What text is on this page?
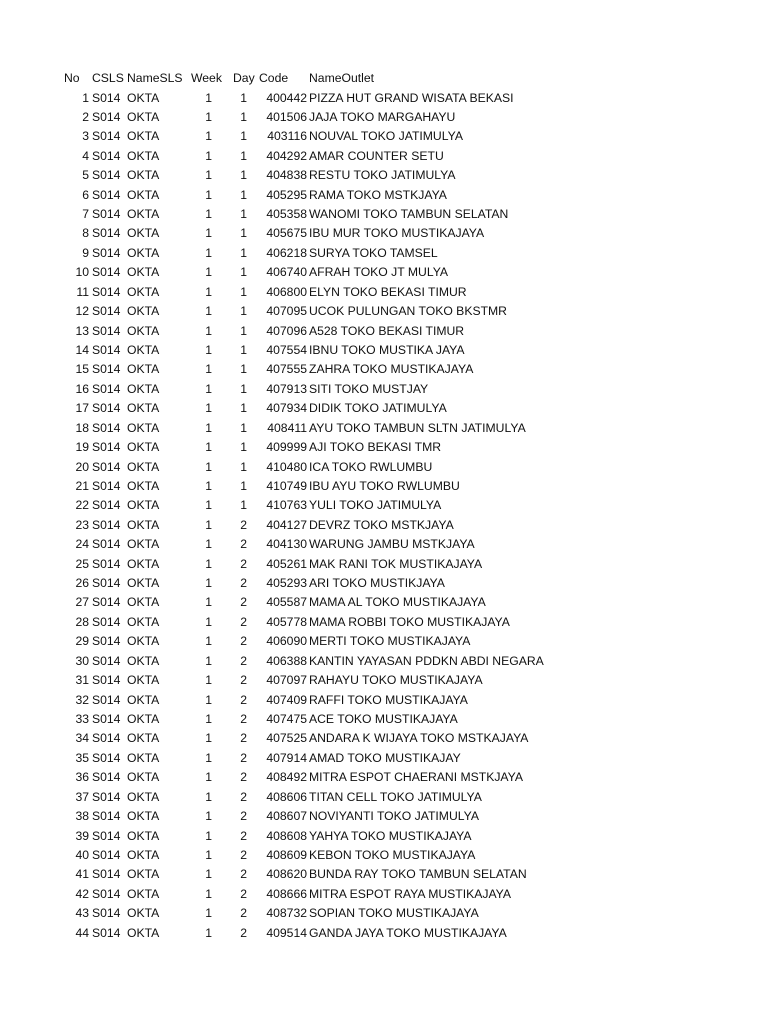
No CSLS NameSLS Week Day Code NameOutlet
1 S014 OKTA	1	1	400442 PIZZA HUT GRAND WISATA BEKASI
2 S014 OKTA	1	1	401506 JAJA TOKO MARGAHAYU
3 S014 OKTA	1	1	403116 NOUVAL TOKO JATIMULYA
4 S014 OKTA	1	1	404292 AMAR COUNTER SETU
5 S014 OKTA	1	1	404838 RESTU TOKO JATIMULYA
6 S014 OKTA	1	1	405295 RAMA TOKO MSTKJAYA
7 S014 OKTA	1	1	405358 WANOMI TOKO TAMBUN SELATAN
8 S014 OKTA	1	1	405675 IBU MUR TOKO MUSTIKAJAYA
9 S014 OKTA	1	1	406218 SURYA TOKO TAMSEL
10 S014 OKTA	1	1	406740 AFRAH TOKO JT MULYA
11 S014 OKTA	1	1	406800 ELYN TOKO BEKASI TIMUR
12 S014 OKTA	1	1	407095 UCOK PULUNGAN TOKO BKSTMR
13 S014 OKTA	1	1	407096 A528 TOKO BEKASI TIMUR
14 S014 OKTA	1	1	407554 IBNU TOKO MUSTIKA JAYA
15 S014 OKTA	1	1	407555 ZAHRA TOKO MUSTIKAJAYA
16 S014 OKTA	1	1	407913 SITI TOKO MUSTJAY
17 S014 OKTA	1	1	407934 DIDIK TOKO JATIMULYA
18 S014 OKTA	1	1	408411 AYU TOKO TAMBUN SLTN JATIMULYA
19 S014 OKTA	1	1	409999 AJI TOKO BEKASI TMR
20 S014 OKTA	1	1	410480 ICA TOKO RWLUMBU
21 S014 OKTA	1	1	410749 IBU AYU TOKO RWLUMBU
22 S014 OKTA	1	1	410763 YULI TOKO JATIMULYA
23 S014 OKTA	1	2	404127 DEVRZ TOKO MSTKJAYA
24 S014 OKTA	1	2	404130 WARUNG JAMBU MSTKJAYA
25 S014 OKTA	1	2	405261 MAK RANI TOK MUSTIKAJAYA
26 S014 OKTA	1	2	405293 ARI TOKO MUSTIKJAYA
27 S014 OKTA	1	2	405587 MAMA AL TOKO MUSTIKAJAYA
28 S014 OKTA	1	2	405778 MAMA ROBBI TOKO MUSTIKAJAYA
29 S014 OKTA	1	2	406090 MERTI TOKO MUSTIKAJAYA
30 S014 OKTA	1	2	406388 KANTIN YAYASAN PDDKN ABDI NEGARA
31 S014 OKTA	1	2	407097 RAHAYU TOKO MUSTIKAJAYA
32 S014 OKTA	1	2	407409 RAFFI TOKO MUSTIKAJAYA
33 S014 OKTA	1	2	407475 ACE TOKO MUSTIKAJAYA
34 S014 OKTA	1	2	407525 ANDARA K WIJAYA TOKO MSTKAJAYA
35 S014 OKTA	1	2	407914 AMAD TOKO MUSTIKAJAY
36 S014 OKTA	1	2	408492 MITRA ESPOT CHAERANI MSTKJAYA
37 S014 OKTA	1	2	408606 TITAN CELL TOKO JATIMULYA
38 S014 OKTA	1	2	408607 NOVIYANTI TOKO JATIMULYA
39 S014 OKTA	1	2	408608 YAHYA TOKO MUSTIKAJAYA
40 S014 OKTA	1	2	408609 KEBON TOKO MUSTIKAJAYA
41 S014 OKTA	1	2	408620 BUNDA RAY TOKO TAMBUN SELATAN
42 S014 OKTA	1	2	408666 MITRA ESPOT RAYA MUSTIKAJAYA
43 S014 OKTA	1	2	408732 SOPIAN TOKO MUSTIKAJAYA
44 S014 OKTA	1	2	409514 GANDA JAYA TOKO MUSTIKAJAYA
